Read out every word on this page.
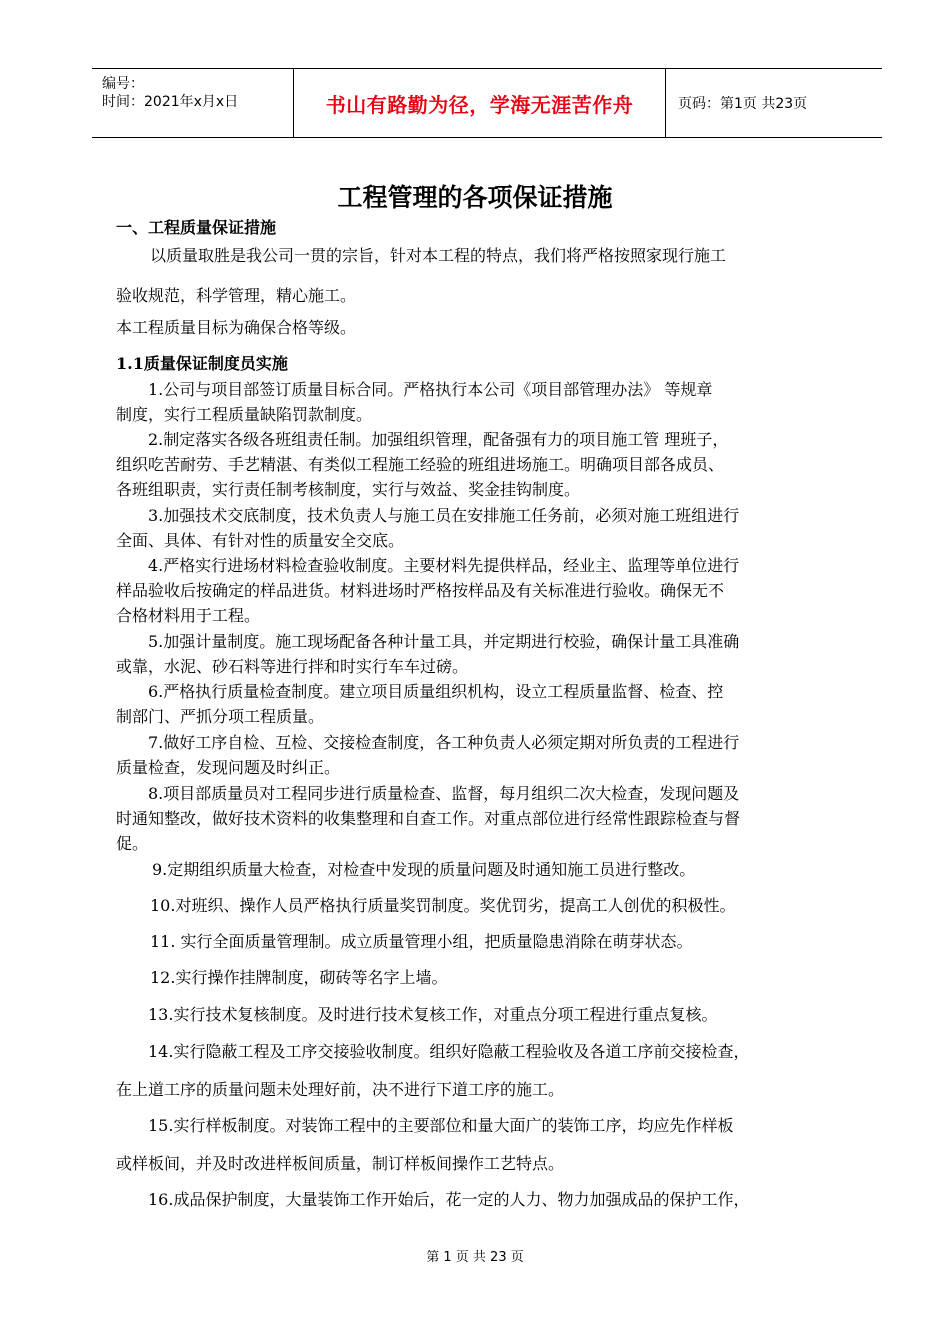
编号：
时间：2021年x月x日	书山有路勤为径，学海无涯苦作舟	页码：第1页 共23页
工程管理的各项保证措施
一、工程质量保证措施
以质量取胜是我公司一贯的宗旨，针对本工程的特点，我们将严格按照家现行施工
验收规范，科学管理，精心施工。
本工程质量目标为确保合格等级。
1.1质量保证制度员实施
1.公司与项目部签订质量目标合同。严格执行本公司《项目部管理办法》 等规章
制度，实行工程质量缺陷罚款制度。
2.制定落实各级各班组责任制。加强组织管理，配备强有力的项目施工管 理班子，
组织吃苦耐劳、手艺精湛、有类似工程施工经验的班组进场施工。明确项目部各成员、
各班组职责，实行责任制考核制度，实行与效益、奖金挂钩制度。
3.加强技术交底制度，技术负责人与施工员在安排施工任务前，必须对施工班组进行
全面、具体、有针对性的质量安全交底。
4.严格实行进场材料检查验收制度。主要材料先提供样品，经业主、监理等单位进行
样品验收后按确定的样品进货。材料进场时严格按样品及有关标准进行验收。确保无不
合格材料用于工程。
5.加强计量制度。施工现场配备各种计量工具，并定期进行校验，确保计量工具准确
或靠，水泥、砂石料等进行拌和时实行车车过磅。
6.严格执行质量检查制度。建立项目质量组织机构，设立工程质量监督、检查、控
制部门、严抓分项工程质量。
7.做好工序自检、互检、交接检查制度，各工种负责人必须定期对所负责的工程进行
质量检查，发现问题及时纠正。
8.项目部质量员对工程同步进行质量检查、监督，每月组织二次大检查，发现问题及
时通知整改，做好技术资料的收集整理和自查工作。对重点部位进行经常性跟踪检查与督
促。
9.定期组织质量大检查，对检查中发现的质量问题及时通知施工员进行整改。
10.对班织、操作人员严格执行质量奖罚制度。奖优罚劣，提高工人创优的积极性。
11. 实行全面质量管理制。成立质量管理小组，把质量隐患消除在萌芽状态。
12.实行操作挂牌制度，砌砖等名字上墙。
13.实行技术复核制度。及时进行技术复核工作，对重点分项工程进行重点复核。
14.实行隐蔽工程及工序交接验收制度。组织好隐蔽工程验收及各道工序前交接检查，
在上道工序的质量问题未处理好前，决不进行下道工序的施工。
15.实行样板制度。对装饰工程中的主要部位和量大面广的装饰工序，均应先作样板
或样板间，并及时改进样板间质量，制订样板间操作工艺特点。
16.成品保护制度，大量装饰工作开始后，花一定的人力、物力加强成品的保护工作，
第 1 页 共 23 页
